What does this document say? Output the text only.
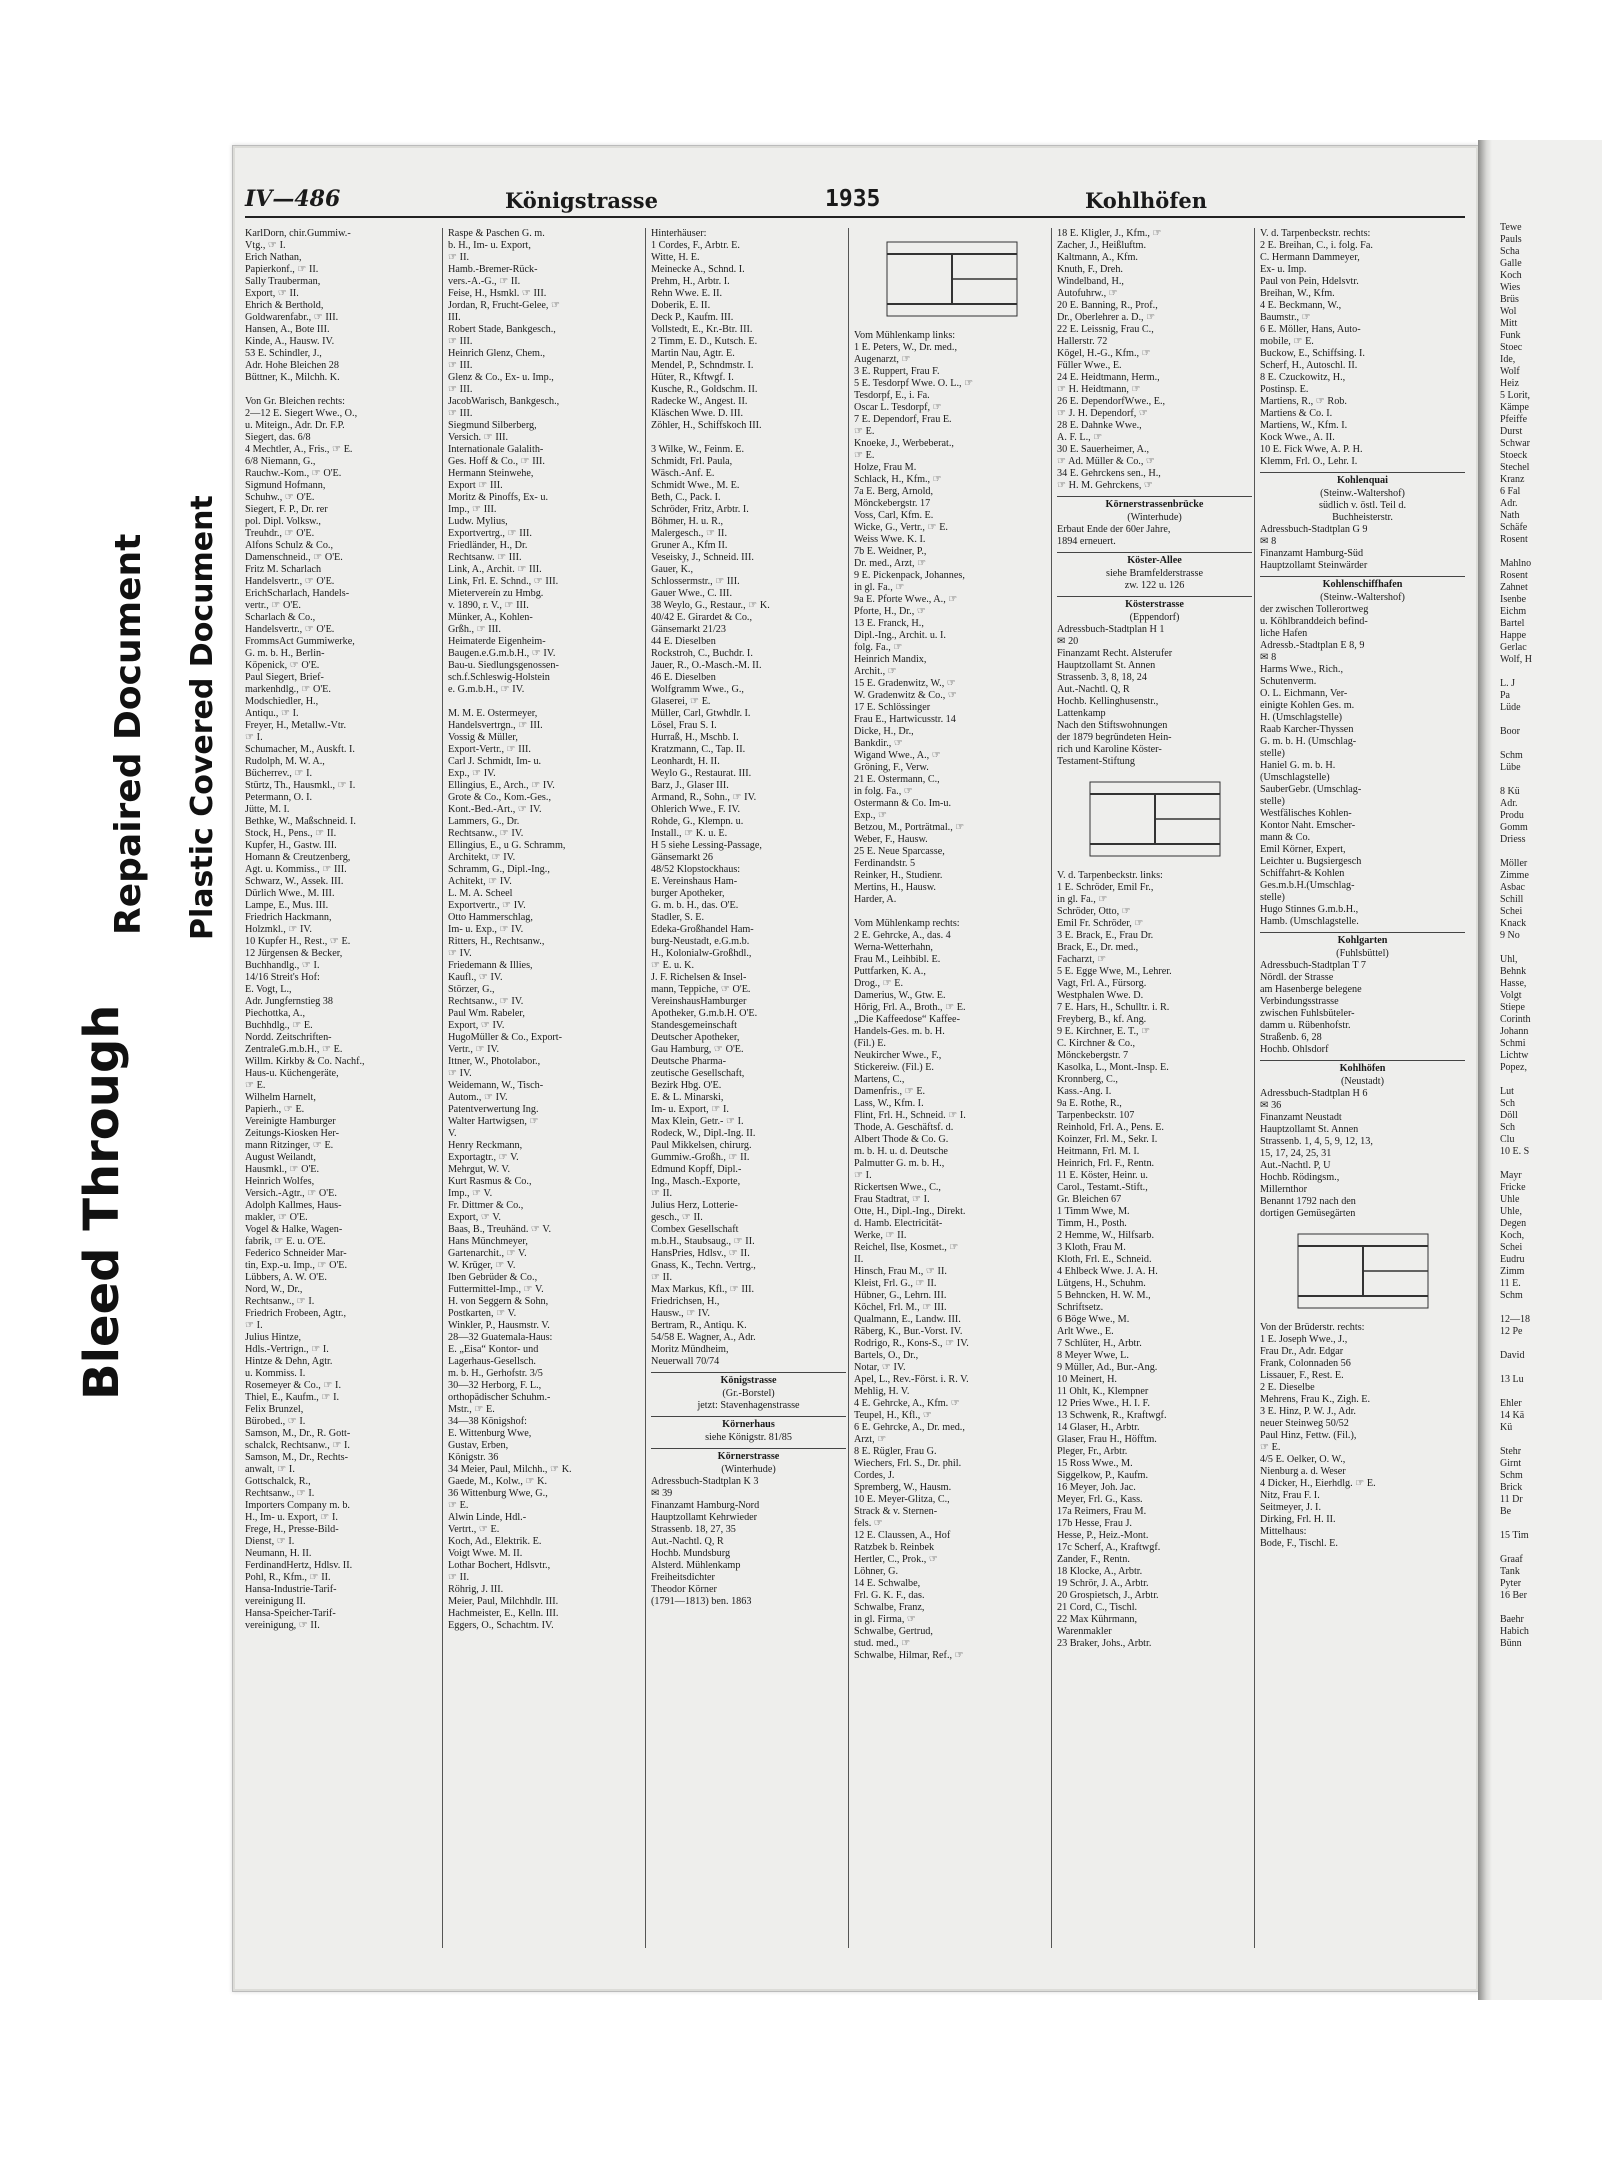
Bleed Through
Repaired Document Plastic Covered Document
IV—486	Königstrasse	1935	Kohlhöfen
KarlDorn, chir.Gummiw.-
Vtg., ☞ I.
Erich Nathan,
Papierkonf., ☞ II.
Sally Trauberman,
Export, ☞ II.
Ehrich & Berthold,
Goldwarenfabr., ☞ III.
Hansen, A., Bote III.
Kinde, A., Hausw. IV.
53 E. Schindler, J.,
Adr. Hohe Bleichen 28
Büttner, K., Milchh. K.

Von Gr. Bleichen rechts:
2—12 E. Siegert Wwe., O.,
u. Miteign., Adr. Dr. F.P.
Siegert, das. 6/8
4 Mechtler, A., Fris., ☞ E.
6/8 Niemann, G.,
Rauchw.-Kom., ☞ O'E.
Sigmund Hofmann,
Schuhw., ☞ O'E.
Siegert, F. P., Dr. rer
pol. Dipl. Volksw.,
Treuhdr., ☞ O'E.
Alfons Schulz & Co.,
Damenschneid., ☞ O'E.
Fritz M. Scharlach
Handelsvertr., ☞ O'E.
ErichScharlach, Handels-
vertr., ☞ O'E.
Scharlach & Co.,
Handelsvertr., ☞ O'E.
FrommsAct Gummiwerke,
G. m. b. H., Berlin-
Köpenick, ☞ O'E.
Paul Siegert, Brief-
markenhdlg., ☞ O'E.
Modschiedler, H.,
Antiqu., ☞ I.
Freyer, H., Metallw.-Vtr.
☞ I.
Schumacher, M., Auskft. I.
Rudolph, M. W. A.,
Bücherrev., ☞ I.
Stürtz, Th., Hausmkl., ☞ I.
Petermann, O. I.
Jütte, M. I.
Bethke, W., Maßschneid. I.
Stock, H., Pens., ☞ II.
Kupfer, H., Gastw. III.
Homann & Creutzenberg,
Agt. u. Kommiss., ☞ III.
Schwarz, W., Assek. III.
Dürlich Wwe., M. III.
Lampe, E., Mus. III.
Friedrich Hackmann,
Holzmkl., ☞ IV.
10 Kupfer H., Rest., ☞ E.
12 Jürgensen & Becker,
Buchhandlg., ☞ I.
14/16 Streit's Hof:
E. Vogt, L.,
Adr. Jungfernstieg 38
Piechottka, A.,
Buchhdlg., ☞ E.
Nordd. Zeitschriften-
ZentraleG.m.b.H., ☞ E.
Willm. Kirkby & Co. Nachf.,
Haus-u. Küchengeräte,
☞ E.
Wilhelm Harnelt,
Papierh., ☞ E.
Vereinigte Hamburger
Zeitungs-Kiosken Her-
mann Ritzinger, ☞ E.
August Weilandt,
Hausmkl., ☞ O'E.
Heinrich Wolfes,
Versich.-Agtr., ☞ O'E.
Adolph Kallmes, Haus-
makler, ☞ O'E.
Vogel & Halke, Wagen-
fabrik, ☞ E. u. O'E.
Federico Schneider Mar-
tin, Exp.-u. Imp., ☞ O'E.
Lübbers, A. W. O'E.
Nord, W., Dr.,
Rechtsanw., ☞ I.
Friedrich Frobeen, Agtr.,
☞ I.
Julius Hintze,
Hdls.-Vertrign., ☞ I.
Hintze & Dehn, Agtr.
u. Kommiss. I.
Rosemeyer & Co., ☞ I.
Thiel, E., Kaufm., ☞ I.
Felix Brunzel,
Bürobed., ☞ I.
Samson, M., Dr., R. Gott-
schalck, Rechtsanw., ☞ I.
Samson, M., Dr., Rechts-
anwalt, ☞ I.
Gottschalck, R.,
Rechtsanw., ☞ I.
Importers Company m. b.
H., Im- u. Export, ☞ I.
Frege, H., Presse-Bild-
Dienst, ☞ I.
Neumann, H. II.
FerdinandHertz, Hdlsv. II.
Pohl, R., Kfm., ☞ II.
Hansa-Industrie-Tarif-
vereinigung II.
Hansa-Speicher-Tarif-
vereinigung, ☞ II.
Raspe & Paschen G. m.
b. H., Im- u. Export,
☞ II.
Hamb.-Bremer-Rück-
vers.-A.-G., ☞ II.
Feise, H., Hsmkl. ☞ III.
Jordan, R, Frucht-Gelee, ☞
III.
Robert Stade, Bankgesch.,
☞ III.
Heinrich Glenz, Chem.,
☞ III.
Glenz & Co., Ex- u. Imp.,
☞ III.
JacobWarisch, Bankgesch.,
☞ III.
Siegmund Silberberg,
Versich. ☞ III.
Internationale Galalith-
Ges. Hoff & Co., ☞ III.
Hermann Steinwehe,
Export ☞ III.
Moritz & Pinoffs, Ex- u.
Imp., ☞ III.
Ludw. Mylius,
Exportvertrg., ☞ III.
Friedländer, H., Dr.
Rechtsanw. ☞ III.
Link, A., Archit. ☞ III.
Link, Frl. E. Schnd., ☞ III.
Mietervereín zu Hmbg.
v. 1890, r. V., ☞ III.
Münker, A., Kohlen-
Grßh., ☞ III.
Heimaterde Eigenheim-
Baugen.e.G.m.b.H., ☞ IV.
Bau-u. Siedlungsgenossen-
sch.f.Schleswig-Holstein
e. G.m.b.H., ☞ IV.

M. M. E. Ostermeyer,
Handelsvertrgn., ☞ III.
Vossig & Müller,
Export-Vertr., ☞ III.
Carl J. Schmidt, Im- u.
Exp., ☞ IV.
Ellingius, E., Arch., ☞ IV.
Grote & Co., Kom.-Ges.,
Kont.-Bed.-Art., ☞ IV.
Lammers, G., Dr.
Rechtsanw., ☞ IV.
Ellingius, E., u G. Schramm,
Architekt, ☞ IV.
Schramm, G., Dipl.-Ing.,
Achitekt, ☞ IV.
L. M. A. Scheel
Exportvertr., ☞ IV.
Otto Hammerschlag,
Im- u. Exp., ☞ IV.
Ritters, H., Rechtsanw.,
☞ IV.
Friedemann & Illies,
Kaufl., ☞ IV.
Störzer, G.,
Rechtsanw., ☞ IV.
Paul Wm. Rabeler,
Export, ☞ IV.
HugoMüller & Co., Export-
Vertr., ☞ IV.
Ittner, W., Photolabor.,
☞ IV.
Weidemann, W., Tisch-
Autom., ☞ IV.
Patentverwertung Ing.
Walter Hartwigsen, ☞
V.
Henry Reckmann,
Exportagtr., ☞ V.
Mehrgut, W. V.
Kurt Rasmus & Co.,
Imp., ☞ V.
Fr. Dittmer & Co.,
Export, ☞ V.
Baas, B., Treuhänd. ☞ V.
Hans Münchmeyer,
Gartenarchit., ☞ V.
W. Krüger, ☞ V.
Iben Gebrüder & Co.,
Futtermittel-Imp., ☞ V.
H. von Seggern & Sohn,
Postkarten, ☞ V.
Winkler, P., Hausmstr. V.
28—32 Guatemala-Haus:
E. „Eisa“ Kontor- und
Lagerhaus-Gesellsch.
m. b. H., Gerhofstr. 3/5
30—32 Herborg, F. L.,
orthopädischer Schuhm.-
Mstr., ☞ E.
34—38 Königshof:
E. Wittenburg Wwe,
Gustav, Erben,
Königstr. 36
34 Meier, Paul, Milchh., ☞ K.
Gaede, M., Kolw., ☞ K.
36 Wittenburg Wwe, G.,
☞ E.
Alwin Linde, Hdl.-
Vertrt., ☞ E.
Koch, Ad., Elektrik. E.
Voigt Wwe. M. II.
Lothar Bochert, Hdlsvtr.,
☞ II.
Röhrig, J. III.
Meier, Paul, Milchhdlr. III.
Hachmeister, E., Kelln. III.
Eggers, O., Schachtm. IV.
Hinterhäuser:
1 Cordes, F., Arbtr. E.
Witte, H. E.
Meinecke A., Schnd. I.
Prehm, H., Arbtr. I.
Rehn Wwe. E. II.
Doberik, E. II.
Deck P., Kaufm. III.
Vollstedt, E., Kr.-Btr. III.
2 Timm, E. D., Kutsch. E.
Martin Nau, Agtr. E.
Mendel, P., Schndmstr. I.
Hüter, R., Kftwgf. I.
Kusche, R., Goldschm. II.
Radecke W., Angest. II.
Kläschen Wwe. D. III.
Zöhler, H., Schiffskoch III.

3 Wilke, W., Feinm. E.
Schmidt, Frl. Paula,
Wäsch.-Anf. E.
Schmidt Wwe., M. E.
Beth, C., Pack. I.
Schröder, Fritz, Arbtr. I.
Böhmer, H. u. R.,
Malergesch., ☞ II.
Gruner A., Kfm II.
Veseisky, J., Schneid. III.
Gauer, K.,
Schlossermstr., ☞ III.
Gauer Wwe., C. III.
38 Weylo, G., Restaur., ☞ K.
40/42 E. Girardet & Co.,
Gänsemarkt 21/23
44 E. Dieselben
Rockstroh, C., Buchdr. I.
Jauer, R., O.-Masch.-M. II.
46 E. Dieselben
Wolfgramm Wwe., G.,
Glaserei, ☞ E.
Müller, Carl, Gtwhdlr. I.
Lösel, Frau S. I.
Hurraß, H., Mschb. I.
Kratzmann, C., Tap. II.
Leonhardt, H. II.
Weylo G., Restaurat. III.
Barz, J., Glaser III.
Armand, R., Sohn., ☞ IV.
Ohlerich Wwe., F. IV.
Rohde, G., Klempn. u.
Install., ☞ K. u. E.
H 5 siehe Lessing-Passage,
Gänsemarkt 26
48/52 Klopstockhaus:
E. Vereinshaus Ham-
burger Apotheker,
G. m. b. H., das. O'E.
Stadler, S. E.
Edeka-Großhandel Ham-
burg-Neustadt, e.G.m.b.
H., Kolonialw-Großhdl.,
☞ E. u. K.
J. F. Richelsen & Insel-
mann, Teppiche, ☞ O'E.
VereinshausHamburger
Apotheker, G.m.b.H. O'E.
Standesgemeinschaft
Deutscher Apotheker,
Gau Hamburg, ☞ O'E.
Deutsche Pharma-
zeutische Gesellschaft,
Bezirk Hbg. O'E.
E. & L. Minarski,
Im- u. Export, ☞ I.
Max Klein, Getr.- ☞ I.
Rodeck, W., Dipl.-Ing. II.
Paul Mikkelsen, chirurg.
Gummiw.-Großh., ☞ II.
Edmund Kopff, Dipl.-
Ing., Masch.-Exporte,
☞ II.
Julius Herz, Lotterie-
gesch., ☞ II.
Combex Gesellschaft
m.b.H., Staubsaug., ☞ II.
HansPries, Hdlsv., ☞ II.
Gnass, K., Techn. Vertrg.,
☞ II.
Max Markus, Kfl., ☞ III.
Friedrichsen, H.,
Hausw., ☞ IV.
Bertram, R., Antiqu. K.
54/58 E. Wagner, A., Adr.
Moritz Mündheim,
Neuerwall 70/74
Königstrasse
(Gr.-Borstel)
jetzt: Stavenhagenstrasse
Körnerhaus
siehe Königstr. 81/85
Körnerstrasse
(Winterhude)
Adressbuch-Stadtplan K 3
✉ 39
Finanzamt Hamburg-Nord
Hauptzollamt Kehrwieder
Strassenb. 18, 27, 35
Aut.-Nachtl. Q, R
Hochb. Mundsburg
Alsterd. Mühlenkamp
Freiheitsdichter
Theodor Körner
(1791—1813) ben. 1863
Vom Mühlenkamp links:
1 E. Peters, W., Dr. med.,
Augenarzt, ☞
3 E. Ruppert, Frau F.
5 E. Tesdorpf Wwe. O. L., ☞
Tesdorpf, E., i. Fa.
Oscar L. Tesdorpf, ☞
7 E. Dependorf, Frau E.
☞ E.
Knoeke, J., Werbeberat.,
☞ E.
Holze, Frau M.
Schlack, H., Kfm., ☞
7a E. Berg, Arnold,
Mönckebergstr. 17
Voss, Carl, Kfm. E.
Wicke, G., Vertr., ☞ E.
Weiss Wwe. K. I.
7b E. Weidner, P.,
Dr. med., Arzt, ☞
9 E. Pickenpack, Johannes,
in gl. Fa., ☞
9a E. Pforte Wwe., A., ☞
Pforte, H., Dr., ☞
13 E. Franck, H.,
Dipl.-Ing., Archit. u. I.
folg. Fa., ☞
Heinrich Mandix,
Archit., ☞
15 E. Gradenwitz, W., ☞
W. Gradenwitz & Co., ☞
17 E. Schlössinger
Frau E., Hartwicusstr. 14
Dicke, H., Dr.,
Bankdir., ☞
Wigand Wwe., A., ☞
Gröning, F., Verw.
21 E. Ostermann, C.,
in folg. Fa., ☞
Ostermann & Co. Im-u.
Exp., ☞
Betzou, M., Porträtmal., ☞
Weber, F., Hausw.
25 E. Neue Sparcasse,
Ferdinandstr. 5
Reinker, H., Studienr.
Mertins, H., Hausw.
Harder, A.

Vom Mühlenkamp rechts:
2 E. Gehrcke, A., das. 4
Werna-Wetterhahn,
Frau M., Leihbibl. E.
Puttfarken, K. A.,
Drog., ☞ E.
Damerius, W., Gtw. E.
Hörig, Frl. A., Broth., ☞ E.
„Die Kaffeedose“ Kaffee-
Handels-Ges. m. b. H.
(Fil.) E.
Neukircher Wwe., F.,
Stickereiw. (Fil.) E.
Martens, C.,
Damenfris., ☞ E.
Lass, W., Kfm. I.
Flint, Frl. H., Schneid. ☞ I.
Thode, A. Geschäftsf. d.
Albert Thode & Co. G.
m. b. H. u. d. Deutsche
Palmutter G. m. b. H.,
☞ I.
Rickertsen Wwe., C.,
Frau Stadtrat, ☞ I.
Otte, H., Dipl.-Ing., Direkt.
d. Hamb. Electricität-
Werke, ☞ II.
Reichel, Ilse, Kosmet., ☞
II.
Hinsch, Frau M., ☞ II.
Kleist, Frl. G., ☞ II.
Hübner, G., Lehrn. III.
Köchel, Frl. M., ☞ III.
Qualmann, E., Landw. III.
Räberg, K., Bur.-Vorst. IV.
Rodrigo, R., Kons-S., ☞ IV.
Bartels, O., Dr.,
Notar, ☞ IV.
Apel, L., Rev.-Först. i. R. V.
Mehlig, H. V.
4 E. Gehrcke, A., Kfm. ☞
Teupel, H., Kfl., ☞
6 E. Gehrcke, A., Dr. med.,
Arzt, ☞
8 E. Rügler, Frau G.
Wiechers, Frl. S., Dr. phil.
Cordes, J.
Spremberg, W., Hausm.
10 E. Meyer-Glitza, C.,
Strack & v. Sternen-
fels. ☞
12 E. Claussen, A., Hof
Ratzbek b. Reinbek
Hertler, C., Prok., ☞
Löhner, G.
14 E. Schwalbe,
Frl. G. K. F., das.
Schwalbe, Franz,
in gl. Firma, ☞
Schwalbe, Gertrud,
stud. med., ☞
Schwalbe, Hilmar, Ref., ☞
18 E. Kligler, J., Kfm., ☞
Zacher, J., Heißluftm.
Kaltmann, A., Kfm.
Knuth, F., Dreh.
Windelband, H.,
Autofuhrw., ☞
20 E. Banning, R., Prof.,
Dr., Oberlehrer a. D., ☞
22 E. Leissnig, Frau C.,
Hallerstr. 72
Kögel, H.-G., Kfm., ☞
Füller Wwe., E.
24 E. Heidtmann, Herm.,
☞ H. Heidtmann, ☞
26 E. DependorfWwe., E.,
☞ J. H. Dependorf, ☞
28 E. Dahnke Wwe.,
A. F. L., ☞
30 E. Sauerheimer, A.,
☞ Ad. Müller & Co., ☞
34 E. Gehrckens sen., H.,
☞ H. M. Gehrckens, ☞
Körnerstrassenbrücke
(Winterhude)
Erbaut Ende der 60er Jahre,
1894 erneuert.
Köster-Allee
siehe Bramfelderstrasse
zw. 122 u. 126
Kösterstrasse
(Eppendorf)
Adressbuch-Stadtplan H 1
✉ 20
Finanzamt Recht. Alsterufer
Hauptzollamt St. Annen
Strassenb. 3, 8, 18, 24
Aut.-Nachtl. Q, R
Hochb. Kellinghusenstr.,
Lattenkamp
Nach den Stiftswohnungen
der 1879 begründeten Hein-
rich und Karoline Köster-
Testament-Stiftung
V. d. Tarpenbeckstr. links:
1 E. Schröder, Emil Fr.,
in gl. Fa., ☞
Schröder, Otto, ☞
Emil Fr. Schröder, ☞
3 E. Brack, E., Frau Dr.
Brack, E., Dr. med.,
Facharzt, ☞
5 E. Egge Wwe, M., Lehrer.
Vagt, Frl. A., Fürsorg.
Westphalen Wwe. D.
7 E. Hars, H., Schulltr. i. R.
Freyberg, B., kf. Ang.
9 E. Kirchner, E. T., ☞
C. Kirchner & Co.,
Mönckebergstr. 7
Kasolka, L., Mont.-Insp. E.
Kronnberg, C.,
Kass.-Ang. I.
9a E. Rothe, R.,
Tarpenbeckstr. 107
Reinhold, Frl. A., Pens. E.
Koinzer, Frl. M., Sekr. I.
Heitmann, Frl. M. I.
Heinrich, Frl. F., Rentn.
11 E. Köster, Heinr. u.
Carol., Testamt.-Stift.,
Gr. Bleichen 67
1 Timm Wwe, M.
Timm, H., Posth.
2 Hemme, W., Hilfsarb.
3 Kloth, Frau M.
Kloth, Frl. E., Schneid.
4 Ehlbeck Wwe. J. A. H.
Lütgens, H., Schuhm.
5 Behncken, H. W. M.,
Schriftsetz.
6 Böge Wwe., M.
Arlt Wwe., E.
7 Schlüter, H., Arbtr.
8 Meyer Wwe, L.
9 Müller, Ad., Bur.-Ang.
10 Meinert, H.
11 Ohlt, K., Klempner
12 Pries Wwe., H. I. F.
13 Schwenk, R., Kraftwgf.
14 Glaser, H., Arbtr.
Glaser, Frau H., Höfftm.
Pleger, Fr., Arbtr.
15 Ross Wwe., M.
Siggelkow, P., Kaufm.
16 Meyer, Joh. Jac.
Meyer, Frl. G., Kass.
17a Reimers, Frau M.
17b Hesse, Frau J.
Hesse, P., Heiz.-Mont.
17c Scherf, A., Kraftwgf.
Zander, F., Rentn.
18 Klocke, A., Arbtr.
19 Schrör, J. A., Arbtr.
20 Grospietsch, J., Arbtr.
21 Cord, C., Tischl.
22 Max Kührmann,
Warenmakler
23 Braker, Johs., Arbtr.
V. d. Tarpenbeckstr. rechts:
2 E. Breihan, C., i. folg. Fa.
C. Hermann Dammeyer,
Ex- u. Imp.
Paul von Pein, Hdelsvtr.
Breihan, W., Kfm.
4 E. Beckmann, W.,
Baumstr., ☞
6 E. Möller, Hans, Auto-
mobile, ☞ E.
Buckow, E., Schiffsing. I.
Scherf, H., Autoschl. II.
8 E. Czuckowitz, H.,
Postinsp. E.
Martiens, R., ☞ Rob.
Martiens & Co. I.
Martiens, W., Kfm. I.
Kock Wwe., A. II.
10 E. Fick Wwe, A. P. H.
Klemm, Frl. O., Lehr. I.
Kohlenquai
(Steinw.-Waltershof)
südlich v. östl. Teil d.
Buchheisterstr.
Adressbuch-Stadtplan G 9
✉ 8
Finanzamt Hamburg-Süd
Hauptzollamt Steinwärder
Kohlenschiffhafen
(Steinw.-Waltershof)
der zwischen Tollerortweg
u. Köhlbranddeich befind-
liche Hafen
Adressb.-Stadtplan E 8, 9
✉ 8
Harms Wwe., Rich.,
Schutenverm.
O. L. Eichmann, Ver-
einigte Kohlen Ges. m.
H. (Umschlagstelle)
Raab Karcher-Thyssen
G. m. b. H. (Umschlag-
stelle)
Haniel G. m. b. H.
(Umschlagstelle)
SauberGebr. (Umschlag-
stelle)
Westfälisches Kohlen-
Kontor Naht. Emscher-
mann & Co.
Emil Körner, Expert,
Leichter u. Bugsiergesch
Schiffahrt-& Kohlen
Ges.m.b.H.(Umschlag-
stelle)
Hugo Stinnes G.m.b.H.,
Hamb. (Umschlagstelle.
Kohlgarten
(Fuhlsbüttel)
Adressbuch-Stadtplan T 7
Nördl. der Strasse
am Hasenberge belegene
Verbindungsstrasse
zwischen Fuhlsbüteler-
damm u. Rübenhofstr.
Straßenb. 6, 28
Hochb. Ohlsdorf
Kohlhöfen
(Neustadt)
Adressbuch-Stadtplan H 6
✉ 36
Finanzamt Neustadt
Hauptzollamt St. Annen
Strassenb. 1, 4, 5, 9, 12, 13,
15, 17, 24, 25, 31
Aut.-Nachtl. P, U
Hochb. Rödingsm.,
Millernthor
Benannt 1792 nach den
dortigen Gemüsegärten
Von der Brüderstr. rechts:
1 E. Joseph Wwe., J.,
Frau Dr., Adr. Edgar
Frank, Colonnaden 56
Lissauer, F., Rest. E.
2 E. Dieselbe
Mehrens, Frau K., Zigh. E.
3 E. Hinz, P. W. J., Adr.
neuer Steinweg 50/52
Paul Hinz, Fettw. (Fil.),
☞ E.
4/5 E. Oelker, O. W.,
Nienburg a. d. Weser
4 Dicker, H., Eierhdlg. ☞ E.
Nitz, Frau F. I.
Seitmeyer, J. I.
Dirking, Frl. H. II.
Mittelhaus:
Bode, F., Tischl. E.
Tewe
Pauls
Scha
Galle
Koch
Wies
Brüs
Wol
Mitt
Funk
Stoec
Ide,
Wolf
Heiz
5 Lorit,
Kämpe
Pfeiffe
Durst
Schwar
Stoeck
Stechel
Kranz
6 Fal
Adr.
Nath
Schäfe
Rosent

Mahlno
Rosent
Zahnet
Isenbe
Eichm
Bartel
Happe
Gerlac
Wolf, H

L. J
Pa
Lüde

Boor

Schm
Lübe

8 Kü
Adr.
Produ
Gomm
Driess

Möller
Zimme
Asbac
Schill
Schei
Knack
9 No

Uhl,
Behnk
Hasse,
Volgt
Stiepe
Corinth
Johann
Schmi
Lichtw
Popez,

Lut
Sch
Döll
Sch
Clu
10 E. S

Mayr
Fricke
Uhle
Uhle,
Degen
Koch,
Schei
Eudru
Zimm
11 E.
Schm

12—18
12 Pe

David

13 Lu

Ehler
14 Kä
Kü

Stehr
Girnt
Schm
Brick
11 Dr
Be

15 Tim

Graaf
Tank
Pyter
16 Ber

Baehr
Habich
Bünn
